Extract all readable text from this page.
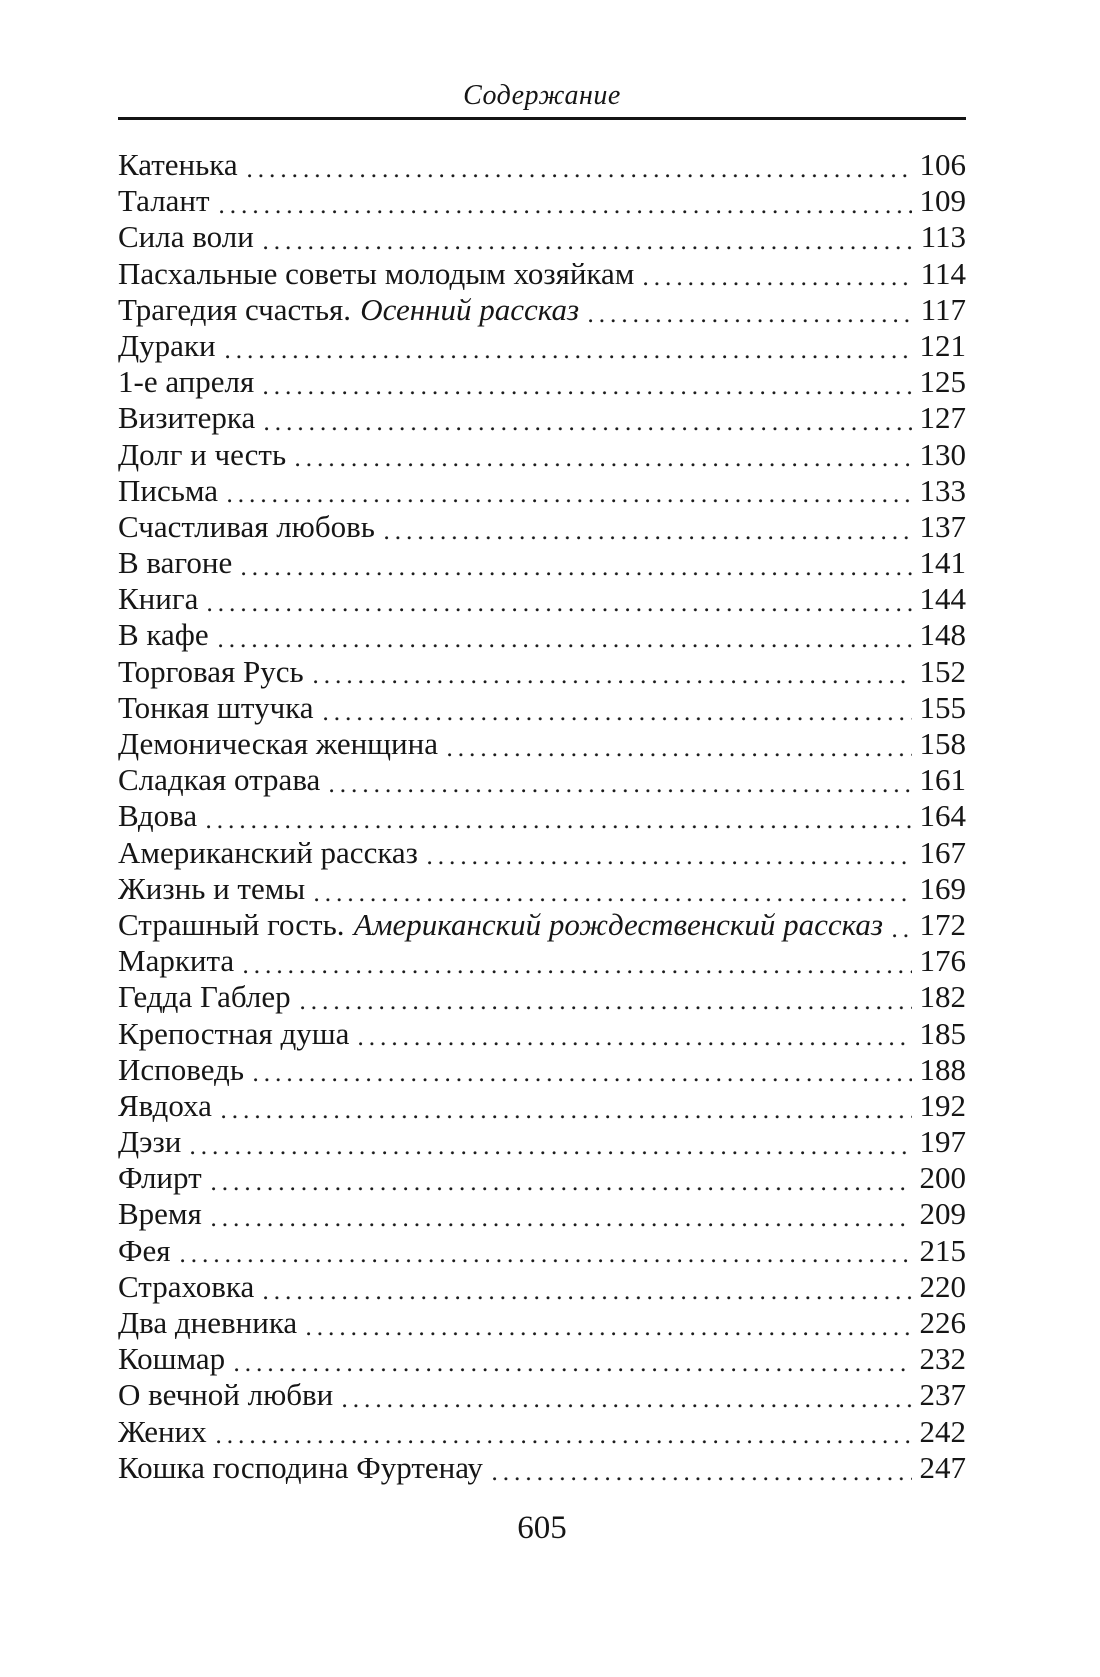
Содержание
Катенька	106
Талант	109
Сила воли	113
Пасхальные советы молодым хозяйкам	114
Трагедия счастья. Осенний рассказ	117
Дураки	121
1-е апреля	125
Визитерка	127
Долг и честь	130
Письма	133
Счастливая любовь	137
В вагоне	141
Книга	144
В кафе	148
Торговая Русь	152
Тонкая штучка	155
Демоническая женщина	158
Сладкая отрава	161
Вдова	164
Американский рассказ	167
Жизнь и темы	169
Страшный гость. Американский рождественский рассказ 172
Маркита	176
Гедда Габлер	182
Крепостная душа	185
Исповедь	188
Явдоха	192
Дэзи	197
Флирт	200
Время	209
Фея	215
Страховка	220
Два дневника	226
Кошмар	232
О вечной любви	237
Жених	242
Кошка господина Фуртенау	247
605
